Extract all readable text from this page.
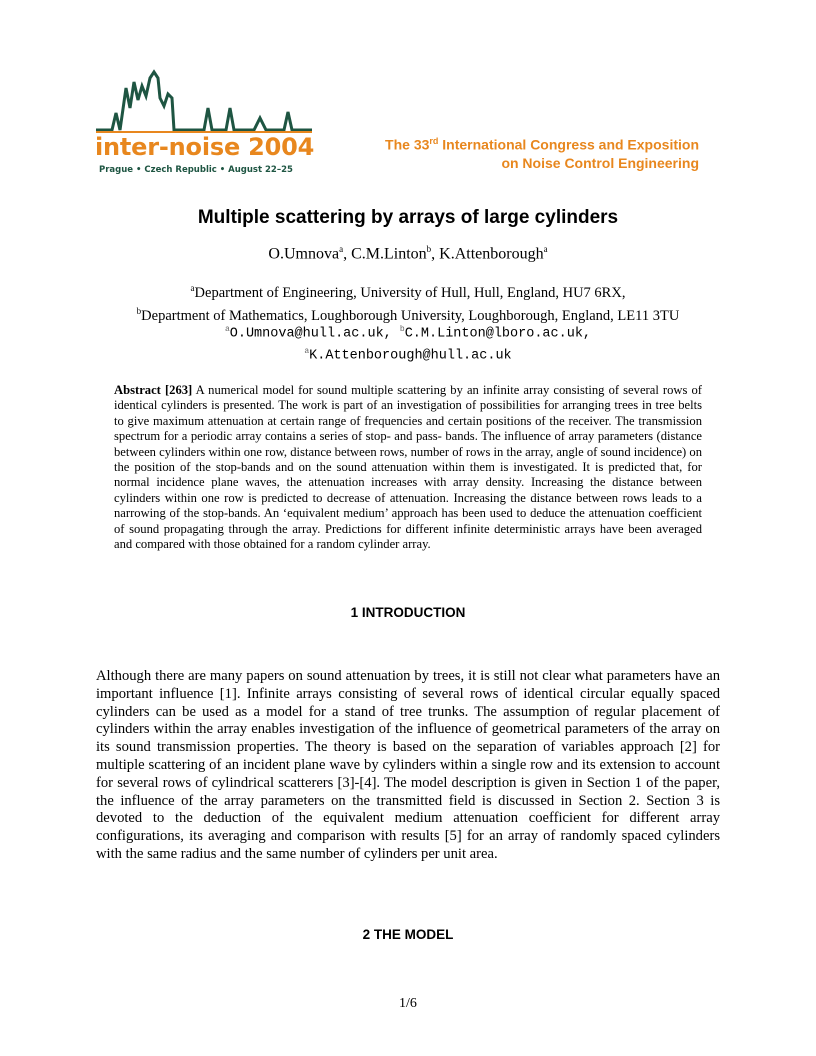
inter-noise 2004
Prague • Czech Republic • August 22–25
The 33rd International Congress and Exposition
on Noise Control Engineering
Multiple scattering by arrays of large cylinders
O.Umnova$^a$, C.M.Linton$^b$, K.Attenborough$^a$
$^a$Department of Engineering, University of Hull, Hull, England, HU7 6RX,
$^b$Department of Mathematics, Loughborough University, Loughborough, England, LE11 3TU
$^a$O.Umnova@hull.ac.uk, $^b$C.M.Linton@lboro.ac.uk,
$^a$K.Attenborough@hull.ac.uk
Abstract [263] A numerical model for sound multiple scattering by an infinite array consisting of several rows of identical cylinders is presented. The work is part of an investigation of possibilities for arranging trees in tree belts to give maximum attenuation at certain range of frequencies and certain positions of the receiver. The transmission spectrum for a periodic array contains a series of stop- and pass- bands. The influence of array parameters (distance between cylinders within one row, distance between rows, number of rows in the array, angle of sound incidence) on the position of the stop-bands and on the sound attenuation within them is investigated. It is predicted that, for normal incidence plane waves, the attenuation increases with array density. Increasing the distance between cylinders within one row is predicted to decrease of attenuation. Increasing the distance between rows leads to a narrowing of the stop-bands. An ‘equivalent medium’ approach has been used to deduce the attenuation coefficient of sound propagating through the array. Predictions for different infinite deterministic arrays have been averaged and compared with those obtained for a random cylinder array.
1 INTRODUCTION
Although there are many papers on sound attenuation by trees, it is still not clear what parameters have an important influence [1]. Infinite arrays consisting of several rows of identical circular equally spaced cylinders can be used as a model for a stand of tree trunks. The assumption of regular placement of cylinders within the array enables investigation of the influence of geometrical parameters of the array on its sound transmission properties. The theory is based on the separation of variables approach [2] for multiple scattering of an incident plane wave by cylinders within a single row and its extension to account for several rows of cylindrical scatterers [3]-[4]. The model description is given in Section 1 of the paper, the influence of the array parameters on the transmitted field is discussed in Section 2. Section 3 is devoted to the deduction of the equivalent medium attenuation coefficient for different array configurations, its averaging and comparison with results [5] for an array of randomly spaced cylinders with the same radius and the same number of cylinders per unit area.
2 THE MODEL
1/6
